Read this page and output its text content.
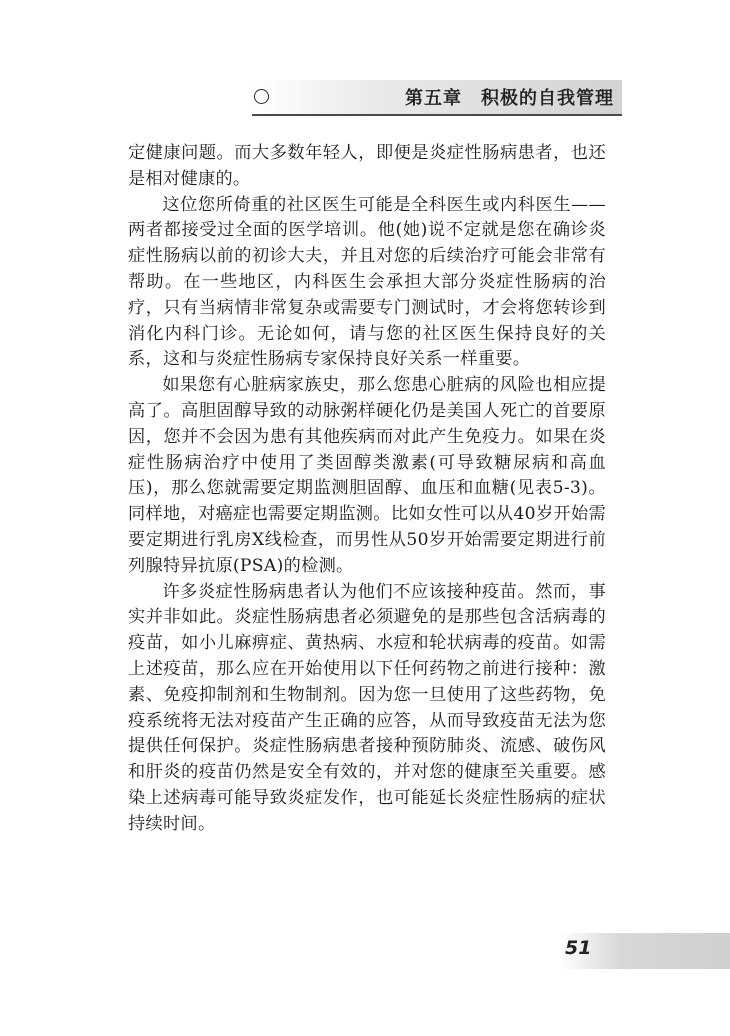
第五章　积极的自我管理

定健康问题。而大多数年轻人，即便是炎症性肠病患者，也还是相对健康的。

这位您所倚重的社区医生可能是全科医生或内科医生——两者都接受过全面的医学培训。他(她)说不定就是您在确诊炎症性肠病以前的初诊大夫，并且对您的后续治疗可能会非常有帮助。在一些地区，内科医生会承担大部分炎症性肠病的治疗，只有当病情非常复杂或需要专门测试时，才会将您转诊到消化内科门诊。无论如何，请与您的社区医生保持良好的关系，这和与炎症性肠病专家保持良好关系一样重要。

如果您有心脏病家族史，那么您患心脏病的风险也相应提高了。高胆固醇导致的动脉粥样硬化仍是美国人死亡的首要原因，您并不会因为患有其他疾病而对此产生免疫力。如果在炎症性肠病治疗中使用了类固醇类激素(可导致糖尿病和高血压)，那么您就需要定期监测胆固醇、血压和血糖(见表5-3)。同样地，对癌症也需要定期监测。比如女性可以从40岁开始需要定期进行乳房X线检查，而男性从50岁开始需要定期进行前列腺特异抗原(PSA)的检测。

许多炎症性肠病患者认为他们不应该接种疫苗。然而，事实并非如此。炎症性肠病患者必须避免的是那些包含活病毒的疫苗，如小儿麻痹症、黄热病、水痘和轮状病毒的疫苗。如需上述疫苗，那么应在开始使用以下任何药物之前进行接种：激素、免疫抑制剂和生物制剂。因为您一旦使用了这些药物，免疫系统将无法对疫苗产生正确的应答，从而导致疫苗无法为您提供任何保护。炎症性肠病患者接种预防肺炎、流感、破伤风和肝炎的疫苗仍然是安全有效的，并对您的健康至关重要。感染上述病毒可能导致炎症发作，也可能延长炎症性肠病的症状持续时间。

51
